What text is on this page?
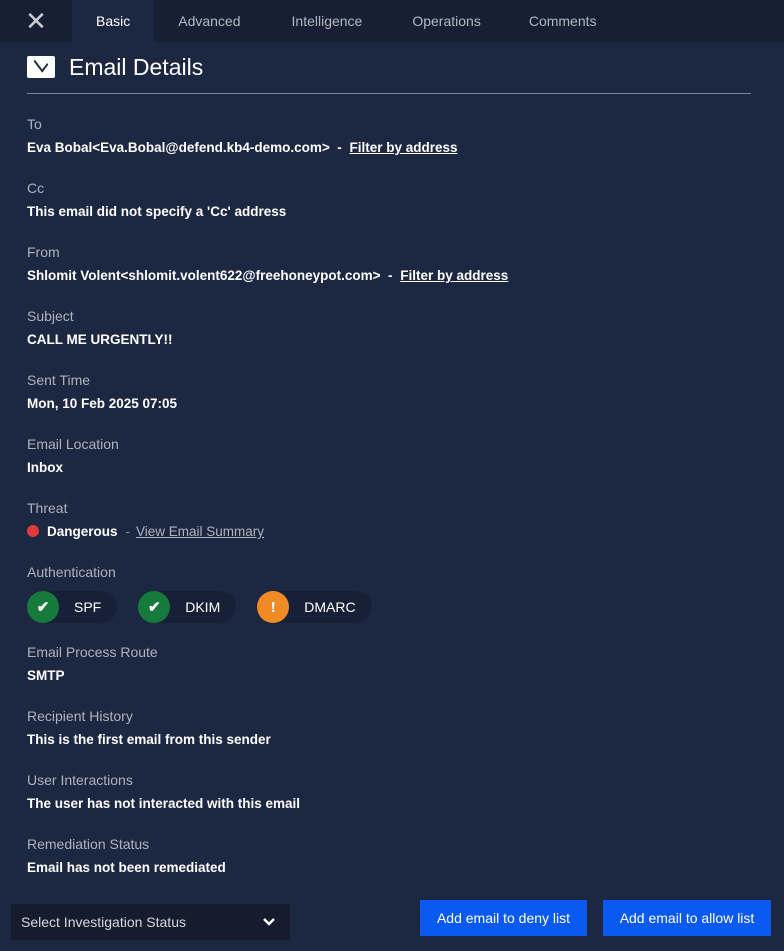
✕	Basic	Advanced	Intelligence	Operations	Comments
Email Details
To
Eva Bobal<Eva.Bobal@defend.kb4-demo.com>  - Filter by address
Cc
This email did not specify a 'Cc' address
From
Shlomit Volent<shlomit.volent622@freehoneypot.com>  - Filter by address
Subject
CALL ME URGENTLY!!
Sent Time
Mon, 10 Feb 2025 07:05
Email Location
Inbox
Threat
Dangerous - View Email Summary
Authentication
✔	SPF	✔	DKIM	!	DMARC
Email Process Route
SMTP
Recipient History
This is the first email from this sender
User Interactions
The user has not interacted with this email
Remediation Status
Email has not been remediated
Select Investigation Status	Add email to deny list	Add email to allow list
